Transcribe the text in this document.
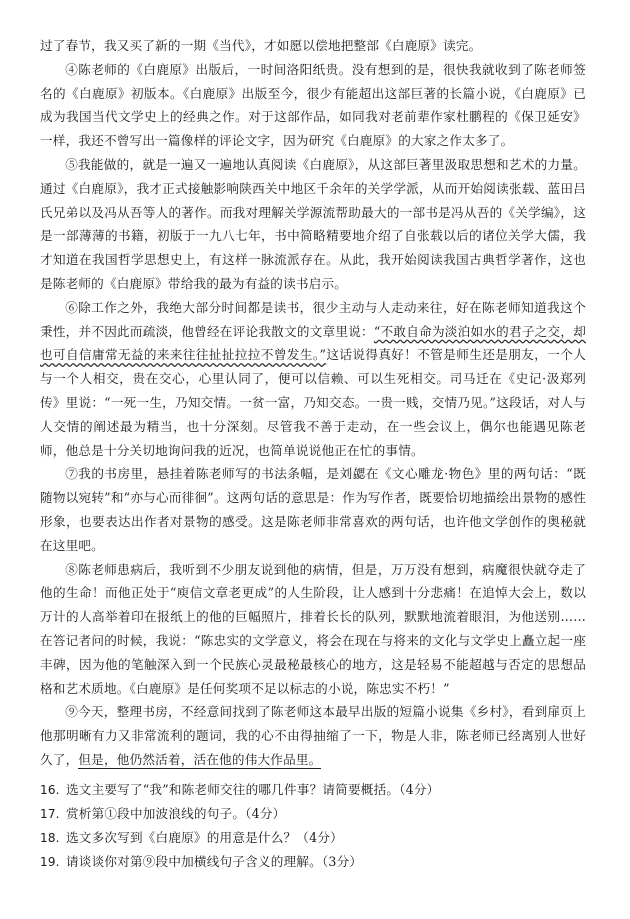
过了春节，我又买了新的一期《当代》，才如愿以偿地把整部《白鹿原》读完。

④陈老师的《白鹿原》出版后，一时间洛阳纸贵。没有想到的是，很快我就收到了陈老师签名的《白鹿原》初版本。《白鹿原》出版至今，很少有能超出这部巨著的长篇小说，《白鹿原》已成为我国当代文学史上的经典之作。对于这部作品，如同我对老前辈作家杜鹏程的《保卫延安》一样，我还不曾写出一篇像样的评论文字，因为研究《白鹿原》的大家之作太多了。

⑤我能做的，就是一遍又一遍地认真阅读《白鹿原》，从这部巨著里汲取思想和艺术的力量。通过《白鹿原》，我才正式接触影响陕西关中地区千余年的关学学派，从而开始阅读张载、蓝田吕氏兄弟以及冯从吾等人的著作。而我对理解关学源流帮助最大的一部书是冯从吾的《关学编》，这是一部薄薄的书籍，初版于一九八七年，书中简略精要地介绍了自张载以后的诸位关学大儒，我才知道在我国哲学思想史上，有这样一脉流派存在。从此，我开始阅读我国古典哲学著作，这也是陈老师的《白鹿原》带给我的最为有益的读书启示。

⑥除工作之外，我绝大部分时间都是读书，很少主动与人走动来往，好在陈老师知道我这个秉性，并不因此而疏淡，他曾经在评论我散文的文章里说：“不敢自命为淡泊如水的君子之交，却也可自信庸常无益的来来往往扯扯拉拉不曾发生。”这话说得真好！不管是师生还是朋友，一个人与一个人相交，贵在交心，心里认同了，便可以信赖、可以生死相交。司马迁在《史记·汲郑列传》里说：“一死一生，乃知交情。一贫一富，乃知交态。一贵一贱，交情乃见。”这段话，对人与人交情的阐述最为精当，也十分深刻。尽管我不善于走动，在一些会议上，偶尔也能遇见陈老师，他总是十分关切地询问我的近况，也简单说说他正在忙的事情。

⑦我的书房里，悬挂着陈老师写的书法条幅，是刘勰在《文心雕龙·物色》里的两句话：“既随物以宛转”和“亦与心而徘徊”。这两句话的意思是：作为写作者，既要恰切地描绘出景物的感性形象，也要表达出作者对景物的感受。这是陈老师非常喜欢的两句话，也许他文学创作的奥秘就在这里吧。

⑧陈老师患病后，我听到不少朋友说到他的病情，但是，万万没有想到，病魔很快就夺走了他的生命！而他正处于“庾信文章老更成”的人生阶段，让人感到十分悲痛！在追悼大会上，数以万计的人高举着印在报纸上的他的巨幅照片，排着长长的队列，默默地流着眼泪，为他送别……在答记者问的时候，我说：“陈忠实的文学意义，将会在现在与将来的文化与文学史上矗立起一座丰碑，因为他的笔触深入到一个民族心灵最秘最核心的地方，这是轻易不能超越与否定的思想品格和艺术质地。《白鹿原》是任何奖项不足以标志的小说，陈忠实不朽！”

⑨今天，整理书房，不经意间找到了陈老师这本最早出版的短篇小说集《乡村》，看到扉页上他那明晰有力又非常流利的题词，我的心不由得抽缩了一下，物是人非，陈老师已经离别人世好久了，但是，他仍然活着，活在他的伟大作品里。

16. 选文主要写了“我”和陈老师交往的哪几件事？请简要概括。（4分）

17. 赏析第①段中加波浪线的句子。（4分）

18. 选文多次写到《白鹿原》的用意是什么？（4分）

19. 请谈谈你对第⑨段中加横线句子含义的理解。（3分）
